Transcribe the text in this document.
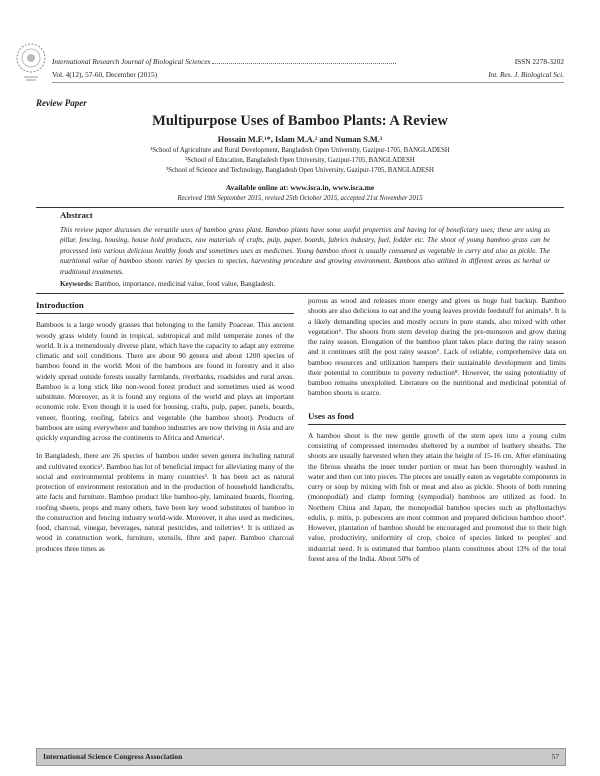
International Research Journal of Biological Sciences	ISSN 2278-3202
Vol. 4(12), 57-60, December (2015)	Int. Res. J. Biological Sci.
Review Paper
Multipurpose Uses of Bamboo Plants: A Review
Hossain M.F.¹*, Islam M.A.² and Numan S.M.³
¹School of Agriculture and Rural Development, Bangladesh Open University, Gazipur-1705, BANGLADESH
²School of Education, Bangladesh Open University, Gazipur-1705, BANGLADESH
³School of Science and Technology, Bangladesh Open University, Gazipur-1705, BANGLADESH
Available online at: www.isca.in, www.isca.me
Received 19th September 2015, revised 25th October 2015, accepted 21st November 2015
Abstract
This review paper discusses the versatile uses of bamboo grass plant. Bamboo plants have some useful properties and having lot of beneficiary uses; these are using as pillar, fencing, housing, house hold products, raw materials of crafts, pulp, paper, boards, fabrics industry, fuel, fodder etc. The shoot of young bamboo grass can be processed into various delicious healthy foods and sometimes uses as medicines. Young bamboo shoot is usually consumed as vegetable in curry and also as pickle. The nutritional value of bamboo shoots varies by species to species, harvesting procedure and growing environment. Bamboos also utilized in different areas as herbal or traditional treatments.
Keywords: Bamboo, importance, medicinal value, food value, Bangladesh.
Introduction

Bamboos is a large woody grasses that belonging to the family Poaceae. This ancient woody grass widely found in tropical, subtropical and mild temperate zones of the world. It is a tremendously diverse plant, which have the capacity to adapt any extreme climatic and soil conditions. There are about 90 genera and about 1200 species of bamboo found in the world. Most of the bamboos are found in forestry and it also widely spread outside forests usually farmlands, riverbanks, roadsides and rural areas. Bamboo is a long stick like non-wood forest product and sometimes used as wood substitute. Moreover, as it is found any regions of the world and plays an important economic role. Even though it is used for housing, crafts, pulp, paper, panels, boards, veneer, flooring, roofing, fabrics and vegetable (the bamboo shoot). Products of bamboos are using everywhere and bamboo industries are now thriving in Asia and are quickly expanding across the continents to Africa and America¹.

In Bangladesh, there are 26 species of bamboo under seven genera including natural and cultivated exotics². Bamboo has lot of beneficial impact for alleviating many of the social and environmental problems in many countries³. It has been act as natural protection of environment restoration and in the production of household handicrafts, arte facts and furniture. Bamboo product like bamboo-ply, laminated boards, flooring, roofing sheets, props and many others, have been key wood substitutes of bamboo in the construction and fencing industry world-wide. Moreover, it also used as medicines, food, charcoal, vinegar, beverages, natural pesticides, and toiletries⁴. It is utilized as wood in construction work, furniture, utensils, fibre and paper. Bamboo charcoal produces three times as

porous as wood and releases more energy and gives us huge fuel backup. Bamboo shoots are also delicious to eat and the young leaves provide feedstuff for animals⁵. It is a likely demanding species and mostly occurs in pure stands, also mixed with other vegetation⁶. The shoots from stem develop during the pre-monsoon and grow during the rainy season. Elongation of the bamboo plant takes place during the rainy season and it continues still the post rainy season⁷. Lack of reliable, comprehensive data on bamboo resources and utilization hampers their sustainable development and limits their potential to contribute to poverty reduction⁸. However, the using potentiality of bamboo remains unexploited. Literature on the nutritional and medicinal potential of bamboo shoots is scarce.

Uses as food

A bamboo shoot is the new gentle growth of the stem apex into a young culm consisting of compressed internodes sheltered by a number of leathery sheaths. The shoots are usually harvested when they attain the height of 15-16 cm. After eliminating the fibrous sheaths the inner tender portion or meat has been thoroughly washed in water and then cut into pieces. The pieces are usually eaten as vegetable components in curry or soup by mixing with fish or meat and also as pickle. Shoots of both running (monopodial) and clamp forming (sympodial) bamboos are utilized as food. In Northern China and Japan, the monopodial bamboo species such as phyllostachys edulis, p. mitis, p. pubescens are most common and prepared delicious bamboo shoot⁹. However, plantation of bamboo should be encouraged and promoted due to their high value, productivity, uniformity of crop, choice of species linked to peoples' and industrial need. It is estimated that bamboo plants constitutes about 13% of the total forest area of the India. About 50% of

International Science Congress Association	57
